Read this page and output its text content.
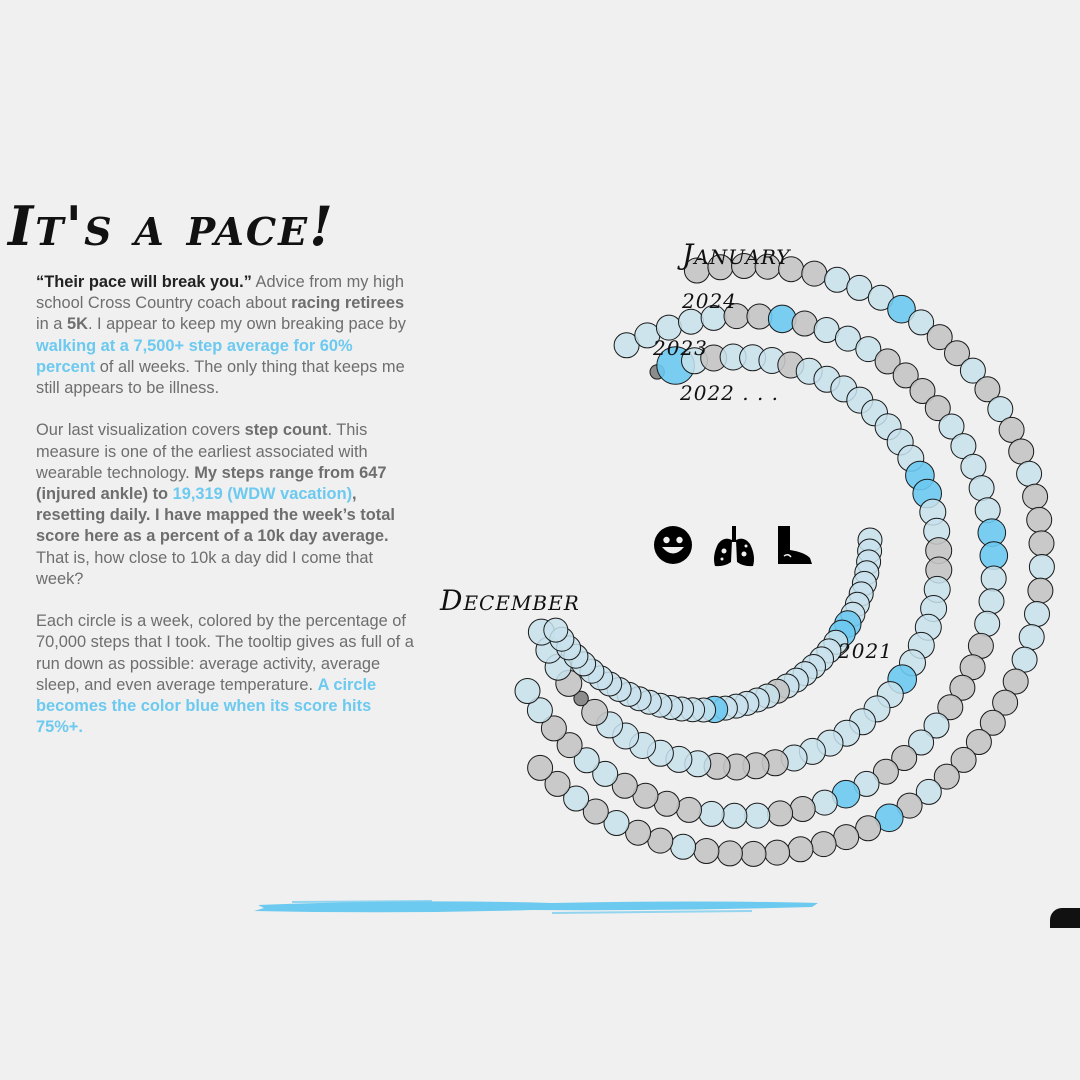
It's a pace!

“Their pace will break you.” Advice from my high school Cross Country coach about racing retirees in a 5K. I appear to keep my own breaking pace by walking at a 7,500+ step average for 60% percent of all weeks. The only thing that keeps me still appears to be illness.

Our last visualization covers step count. This measure is one of the earliest associated with wearable technology. My steps range from 647 (injured ankle) to 19,319 (WDW vacation), resetting daily. I have mapped the week’s total score here as a percent of a 10k day average. That is, how close to 10k a day did I come that week?

Each circle is a week, colored by the percentage of 70,000 steps that I took. The tooltip gives as full of a run down as possible: average activity, average sleep, and even average temperature. A circle becomes the color blue when its score hits 75%+.

January
December
2024
2023
2022 . . .
2021
